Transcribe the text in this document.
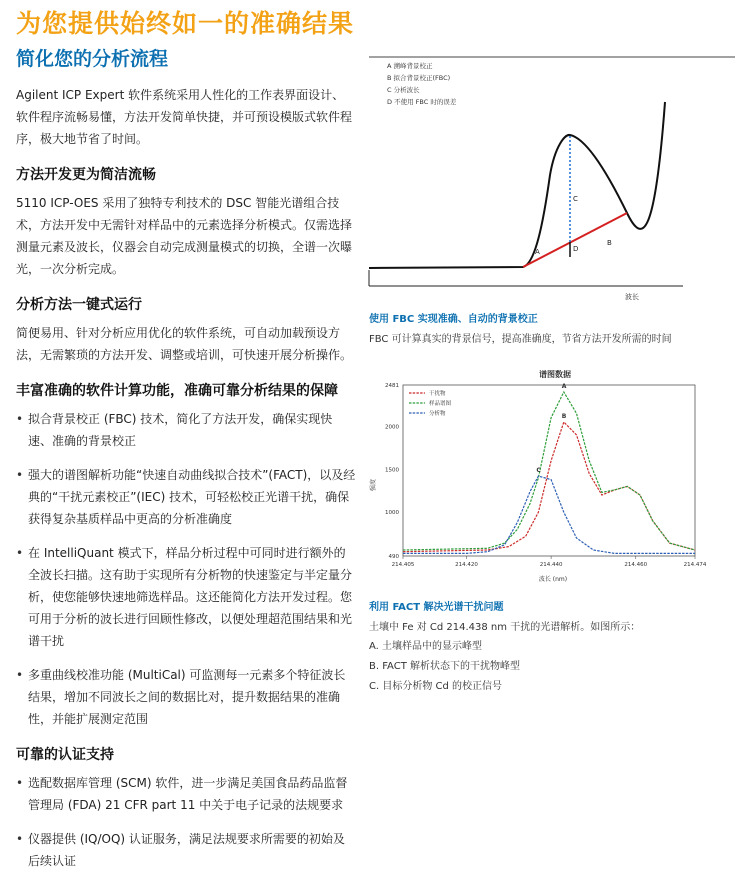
为您提供始终如一的准确结果
简化您的分析流程

Agilent ICP Expert 软件系统采用人性化的工作表界面设计、软件程序流畅易懂，方法开发简单快捷，并可预设模版式软件程序，极大地节省了时间。

方法开发更为简洁流畅

5110 ICP-OES 采用了独特专利技术的 DSC 智能光谱组合技术，方法开发中无需针对样品中的元素选择分析模式。仅需选择测量元素及波长，仪器会自动完成测量模式的切换，全谱一次曝光，一次分析完成。

分析方法一键式运行

简便易用、针对分析应用优化的软件系统，可自动加载预设方法，无需繁琐的方法开发、调整或培训，可快速开展分析操作。

丰富准确的软件计算功能，准确可靠分析结果的保障
• 拟合背景校正 (FBC) 技术，简化了方法开发，确保实现快速、准确的背景校正
• 强大的谱图解析功能“快速自动曲线拟合技术”(FACT)，以及经典的“干扰元素校正”(IEC) 技术，可轻松校正光谱干扰，确保获得复杂基质样品中更高的分析准确度
• 在 IntelliQuant 模式下，样品分析过程中可同时进行额外的全波长扫描。这有助于实现所有分析物的快速鉴定与半定量分析，使您能够快速地筛选样品。这还能简化方法开发过程。您可用于分析的波长进行回顾性修改，以便处理超范围结果和光谱干扰
• 多重曲线校准功能 (MultiCal) 可监测每一元素多个特征波长结果，增加不同波长之间的数据比对，提升数据结果的准确性，并能扩展测定范围
可靠的认证支持
• 选配数据库管理 (SCM) 软件，进一步满足美国食品药品监督管理局 (FDA) 21 CFR part 11 中关于电子记录的法规要求
• 仪器提供 (IQ/OQ) 认证服务，满足法规要求所需要的初始及后续认证
A 溯峰背景校正
B 拟合背景校正(FBC)
C 分析波长
D 不使用 FBC 时的误差
波长
A
B
C
D
使用 FBC 实现准确、自动的背景校正
FBC 可计算真实的背景信号，提高准确度，节省方法开发所需的时间
谱图数据
强度
波长 (nm)
490
1000
1500
2000
2481
214.405	214.420	214.440	214.460	214.474
干扰物
B
样品谱图
A
分析物
C
利用 FACT 解决光谱干扰问题
土壤中 Fe 对 Cd 214.438 nm 干扰的光谱解析。如图所示：
A. 土壤样品中的显示峰型
B. FACT 解析状态下的干扰物峰型
C. 目标分析物 Cd 的校正信号
